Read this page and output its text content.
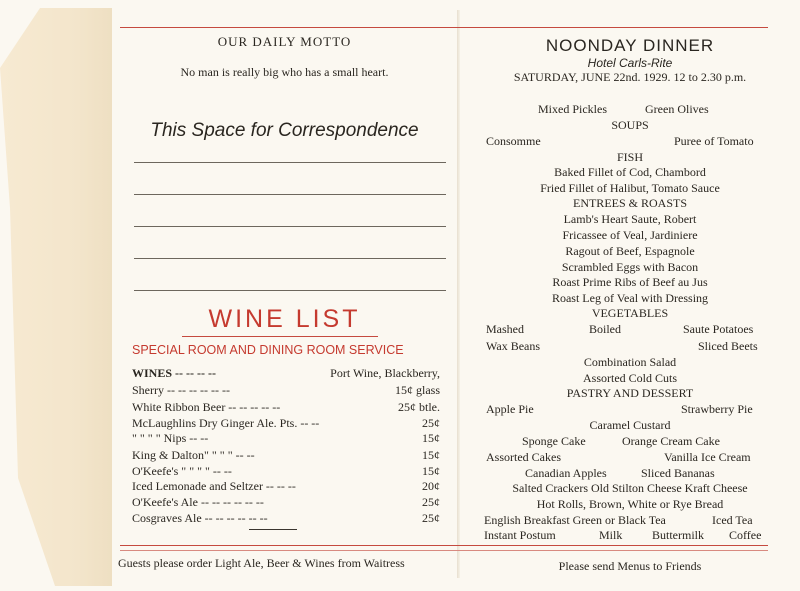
OUR DAILY MOTTO
No man is really big who has a small heart.
This Space for Correspondence
WINE LIST
SPECIAL ROOM AND DINING ROOM SERVICE
WINES -- -- -- --	Port Wine, Blackberry,
Sherry -- -- -- -- -- --	15¢ glass
White Ribbon Beer -- -- -- -- --	25¢ btle.
McLaughlins Dry Ginger Ale. Pts. -- --	25¢
" " " " Nips -- --	15¢
King & Dalton" " " " -- --	15¢
O'Keefe's " " " " -- --	15¢
Iced Lemonade and Seltzer -- -- --	20¢
O'Keefe's Ale -- -- -- -- -- --	25¢
Cosgraves Ale -- -- -- -- -- --	25¢
Guests please order Light Ale, Beer & Wines from Waitress
NOONDAY DINNER
Hotel Carls-Rite
SATURDAY, JUNE 22nd. 1929. 12 to 2.30 p.m.
Mixed Pickles	Green Olives
SOUPS
Consomme	Puree of Tomato
FISH
Baked Fillet of Cod, Chambord
Fried Fillet of Halibut, Tomato Sauce
ENTREES & ROASTS
Lamb's Heart Saute, Robert
Fricassee of Veal, Jardiniere
Ragout of Beef, Espagnole
Scrambled Eggs with Bacon
Roast Prime Ribs of Beef au Jus
Roast Leg of Veal with Dressing
VEGETABLES
Mashed	Boiled	Saute Potatoes
Wax Beans	Sliced Beets
Combination Salad
Assorted Cold Cuts
PASTRY AND DESSERT
Apple Pie	Strawberry Pie
Caramel Custard
Sponge Cake	Orange Cream Cake
Assorted Cakes	Vanilla Ice Cream
Canadian Apples	Sliced Bananas
Salted Crackers Old Stilton Cheese Kraft Cheese
Hot Rolls, Brown, White or Rye Bread
English Breakfast Green or Black Tea	Iced Tea
Instant Postum	Milk Buttermilk Coffee
Please send Menus to Friends
